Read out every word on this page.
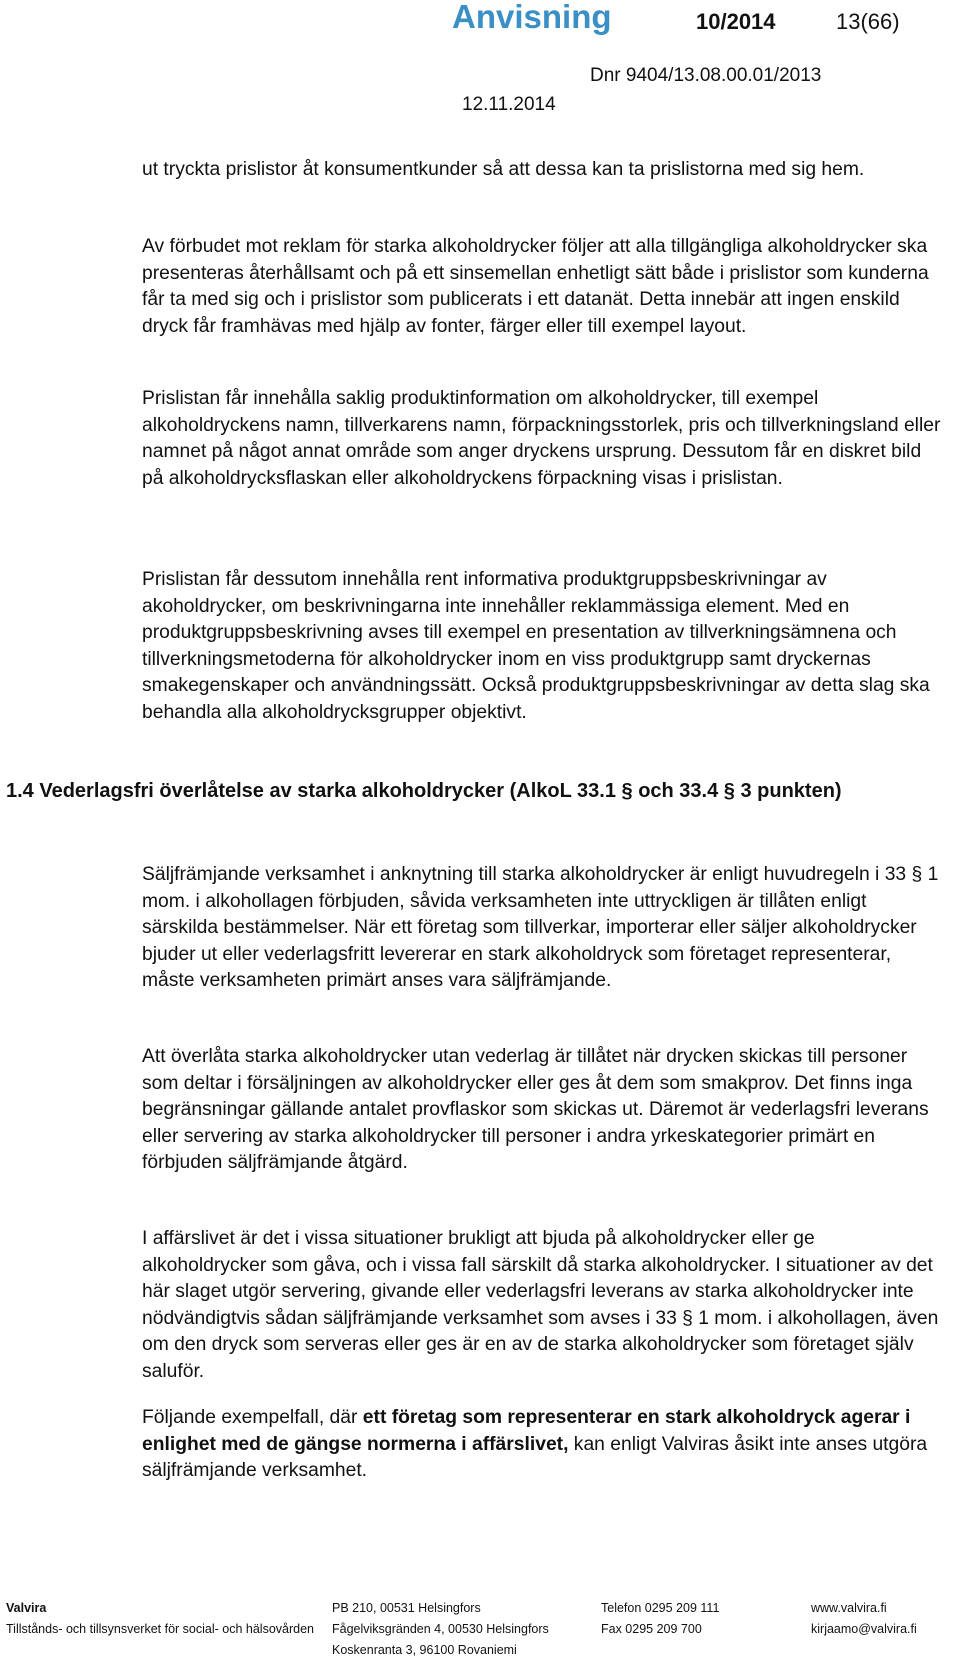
Anvisning	10/2014	13(66)
Dnr 9404/13.08.00.01/2013
12.11.2014

ut tryckta prislistor åt konsumentkunder så att dessa kan ta prislistorna med sig hem.

Av förbudet mot reklam för starka alkoholdrycker följer att alla tillgängliga alkoholdrycker ska presenteras återhållsamt och på ett sinsemellan enhetligt sätt både i prislistor som kunderna får ta med sig och i prislistor som publicerats i ett datanät. Detta innebär att ingen enskild dryck får framhävas med hjälp av fonter, färger eller till exempel layout.

Prislistan får innehålla saklig produktinformation om alkoholdrycker, till exempel alkoholdryckens namn, tillverkarens namn, förpackningsstorlek, pris och tillverkningsland eller namnet på något annat område som anger dryckens ursprung. Dessutom får en diskret bild på alkoholdrycksflaskan eller alkoholdryckens förpackning visas i prislistan.

Prislistan får dessutom innehålla rent informativa produktgruppsbeskrivningar av akoholdrycker, om beskrivningarna inte innehåller reklammässiga element. Med en produktgruppsbeskrivning avses till exempel en presentation av tillverkningsämnena och tillverkningsmetoderna för alkoholdrycker inom en viss produktgrupp samt dryckernas smakegenskaper och användningssätt. Också produktgruppsbeskrivningar av detta slag ska behandla alla alkoholdrycksgrupper objektivt.

1.4 Vederlagsfri överlåtelse av starka alkoholdrycker (AlkoL 33.1 § och 33.4 § 3 punkten)

Säljfrämjande verksamhet i anknytning till starka alkoholdrycker är enligt huvudregeln i 33 § 1 mom. i alkohollagen förbjuden, såvida verksamheten inte uttryckligen är tillåten enligt särskilda bestämmelser. När ett företag som tillverkar, importerar eller säljer alkoholdrycker bjuder ut eller vederlagsfritt levererar en stark alkoholdryck som företaget representerar, måste verksamheten primärt anses vara säljfrämjande.

Att överlåta starka alkoholdrycker utan vederlag är tillåtet när drycken skickas till personer som deltar i försäljningen av alkoholdrycker eller ges åt dem som smakprov. Det finns inga begränsningar gällande antalet provflaskor som skickas ut. Däremot är vederlagsfri leverans eller servering av starka alkoholdrycker till personer i andra yrkeskategorier primärt en förbjuden säljfrämjande åtgärd.

I affärslivet är det i vissa situationer brukligt att bjuda på alkoholdrycker eller ge alkoholdrycker som gåva, och i vissa fall särskilt då starka alkoholdrycker. I situationer av det här slaget utgör servering, givande eller vederlagsfri leverans av starka alkoholdrycker inte nödvändigtvis sådan säljfrämjande verksamhet som avses i 33 § 1 mom. i alkohollagen, även om den dryck som serveras eller ges är en av de starka alkoholdrycker som företaget själv saluför.

Följande exempelfall, där ett företag som representerar en stark alkoholdryck agerar i enlighet med de gängse normerna i affärslivet, kan enligt Valviras åsikt inte anses utgöra säljfrämjande verksamhet.

Valvira
Tillstånds- och tillsynsverket för social- och hälsovården
PB 210, 00531 Helsingfors
Fågelviksgränden 4, 00530 Helsingfors
Koskenranta 3, 96100 Rovaniemi
Telefon 0295 209 111
Fax 0295 209 700
www.valvira.fi
kirjaamo@valvira.fi
